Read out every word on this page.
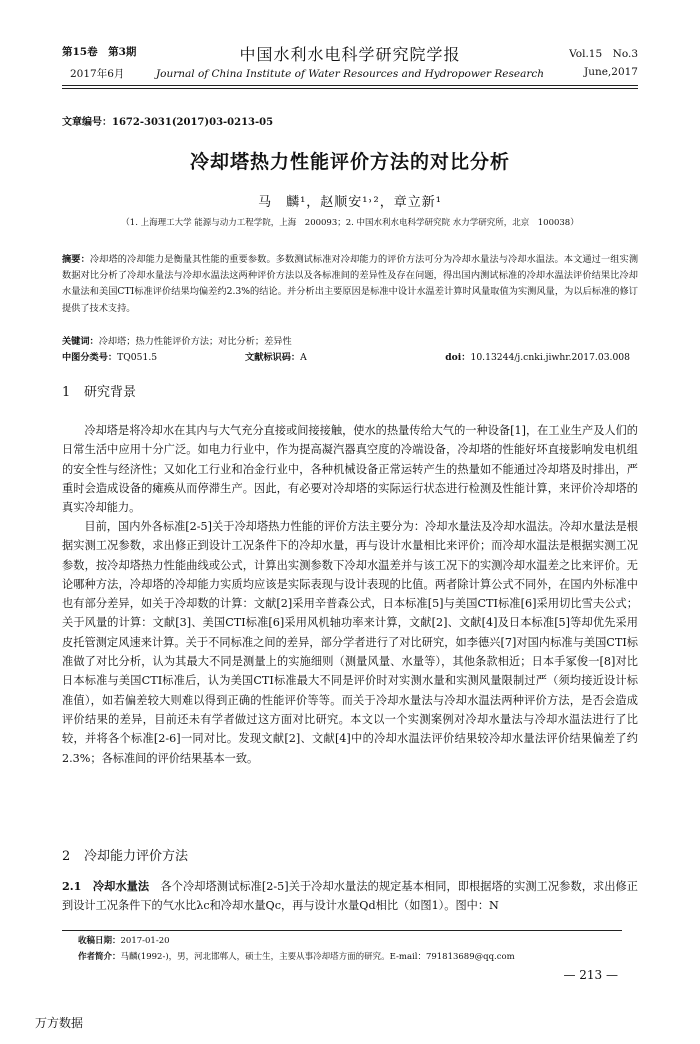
第15卷　第3期	中国水利水电科学研究院学报	Vol.15　No.3
2017年6月	Journal of China Institute of Water Resources and Hydropower Research	June,2017
文章编号：1672-3031(2017)03-0213-05
冷却塔热力性能评价方法的对比分析
马　麟¹，赵顺安¹˒²，章立新¹
（1. 上海理工大学 能源与动力工程学院，上海　200093；2. 中国水利水电科学研究院 水力学研究所，北京　100038）
摘要：冷却塔的冷却能力是衡量其性能的重要参数。多数测试标准对冷却能力的评价方法可分为冷却水量法与冷却水温法。本文通过一组实测数据对比分析了冷却水量法与冷却水温法这两种评价方法以及各标准间的差异性及存在问题，得出国内测试标准的冷却水温法评价结果比冷却水量法和美国CTI标准评价结果均偏差约2.3%的结论。并分析出主要原因是标准中设计水温差计算时风量取值为实测风量，为以后标准的修订提供了技术支持。
关键词：冷却塔；热力性能评价方法；对比分析；差异性
中图分类号：TQ051.5	文献标识码：A	doi：10.13244/j.cnki.jiwhr.2017.03.008
1 研究背景

冷却塔是将冷却水在其内与大气充分直接或间接接触，使水的热量传给大气的一种设备[1]，在工业生产及人们的日常生活中应用十分广泛。如电力行业中，作为提高凝汽器真空度的冷端设备，冷却塔的性能好坏直接影响发电机组的安全性与经济性；又如化工行业和冶金行业中，各种机械设备正常运转产生的热量如不能通过冷却塔及时排出，严重时会造成设备的瘫痪从而停滞生产。因此，有必要对冷却塔的实际运行状态进行检测及性能计算，来评价冷却塔的真实冷却能力。

目前，国内外各标准[2-5]关于冷却塔热力性能的评价方法主要分为：冷却水量法及冷却水温法。冷却水量法是根据实测工况参数，求出修正到设计工况条件下的冷却水量，再与设计水量相比来评价；而冷却水温法是根据实测工况参数，按冷却塔热力性能曲线或公式，计算出实测参数下冷却水温差并与该工况下的实测冷却水温差之比来评价。无论哪种方法，冷却塔的冷却能力实质均应该是实际表现与设计表现的比值。两者除计算公式不同外，在国内外标准中也有部分差异，如关于冷却数的计算：文献[2]采用辛普森公式，日本标准[5]与美国CTI标准[6]采用切比雪夫公式；关于风量的计算：文献[3]、美国CTI标准[6]采用风机轴功率来计算，文献[2]、文献[4]及日本标准[5]等却优先采用皮托管测定风速来计算。关于不同标准之间的差异，部分学者进行了对比研究，如李德兴[7]对国内标准与美国CTI标准做了对比分析，认为其最大不同是测量上的实施细则（测量风量、水量等），其他条款相近；日本手冢俊一[8]对比日本标准与美国CTI标准后，认为美国CTI标准最大不同是评价时对实测水量和实测风量限制过严（须均接近设计标准值），如若偏差较大则难以得到正确的性能评价等等。而关于冷却水量法与冷却水温法两种评价方法，是否会造成评价结果的差异，目前还未有学者做过这方面对比研究。本文以一个实测案例对冷却水量法与冷却水温法进行了比较，并将各个标准[2-6]一同对比。发现文献[2]、文献[4]中的冷却水温法评价结果较冷却水量法评价结果偏差了约2.3%；各标准间的评价结果基本一致。

2 冷却能力评价方法

2.1　冷却水量法　 各个冷却塔测试标准[2-5]关于冷却水量法的规定基本相同，即根据塔的实测工况参数，求出修正到设计工况条件下的气水比λc和冷却水量Qc，再与设计水量Qd相比（如图1）。图中：N

收稿日期：2017-01-20
作者简介：马麟(1992-)，男，河北邯郸人，硕士生，主要从事冷却塔方面的研究。E-mail：791813689@qq.com
— 213 —
万方数据
